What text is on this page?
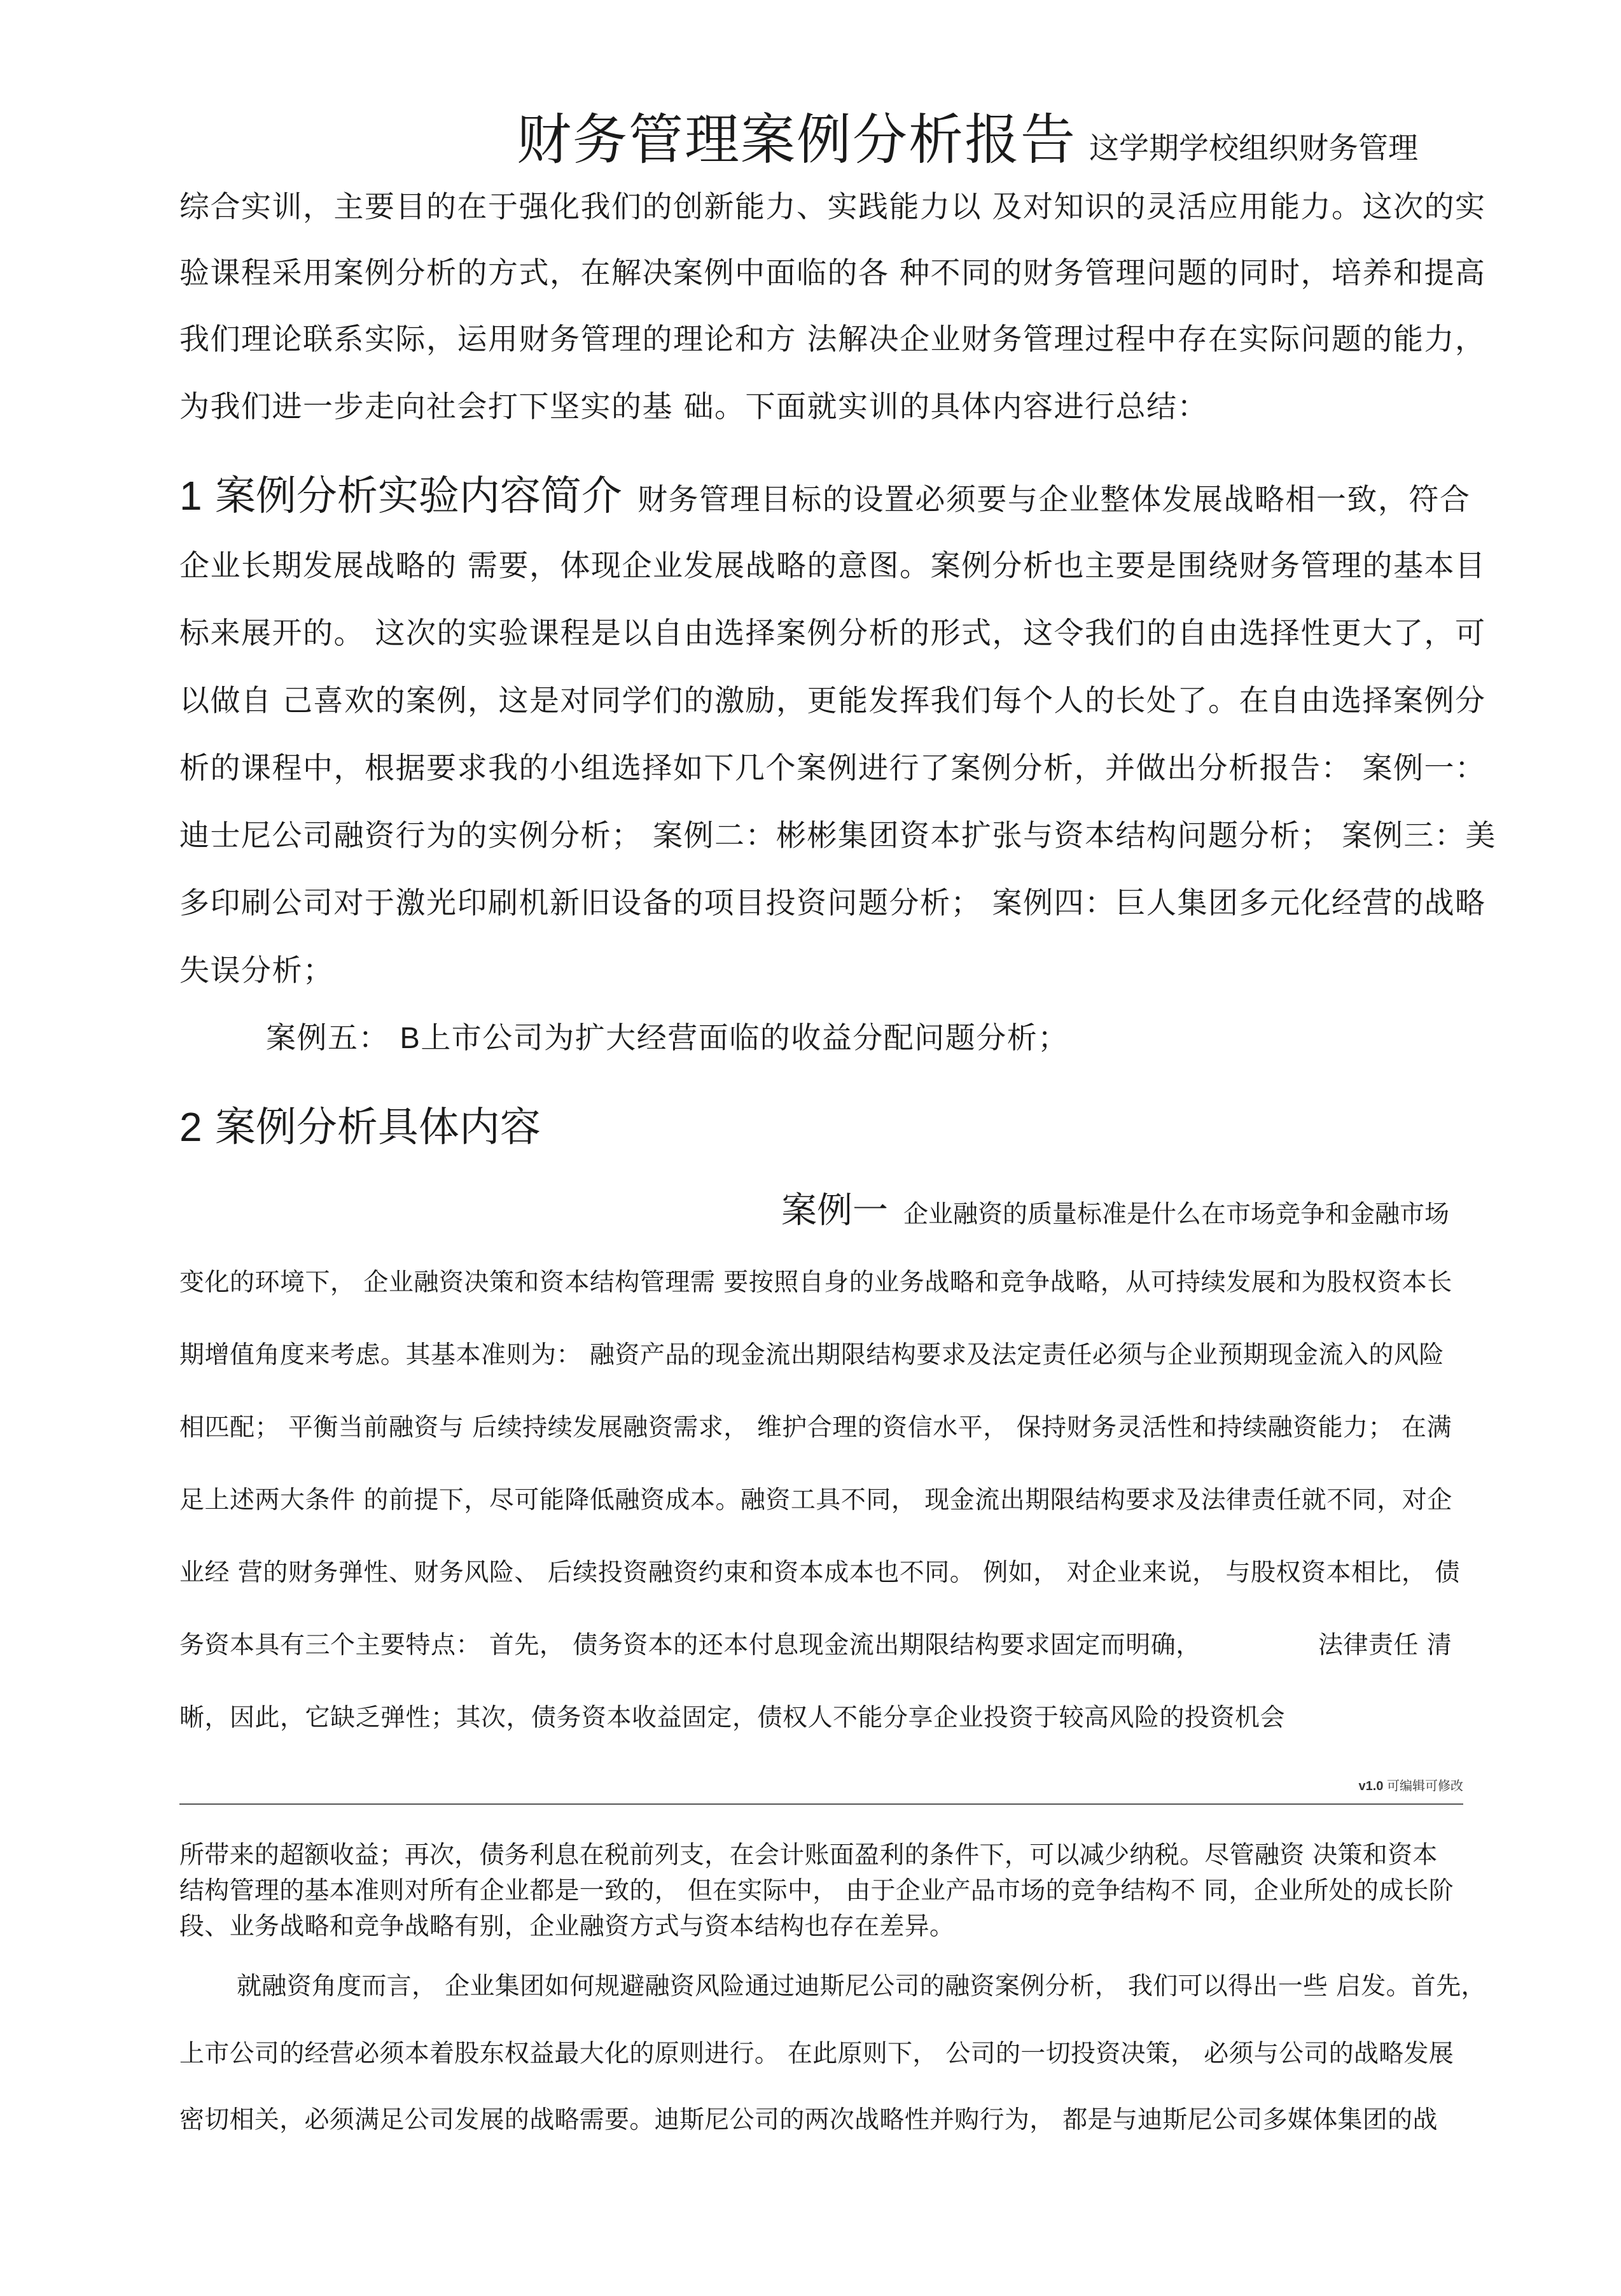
财务管理案例分析报告 这学期学校组织财务管理
综合实训，主要目的在于强化我们的创新能力、实践能力以 及对知识的灵活应用能力。这次的实
验课程采用案例分析的方式，在解决案例中面临的各 种不同的财务管理问题的同时，培养和提高
我们理论联系实际，运用财务管理的理论和方 法解决企业财务管理过程中存在实际问题的能力，
为我们进一步走向社会打下坚实的基 础。下面就实训的具体内容进行总结：
1 案例分析实验内容简介 财务管理目标的设置必须要与企业整体发展战略相一致，符合
企业长期发展战略的 需要，体现企业发展战略的意图。案例分析也主要是围绕财务管理的基本目
标来展开的。 这次的实验课程是以自由选择案例分析的形式，这令我们的自由选择性更大了，可
以做自 己喜欢的案例，这是对同学们的激励，更能发挥我们每个人的长处了。在自由选择案例分
析的课程中，根据要求我的小组选择如下几个案例进行了案例分析，并做出分析报告： 案例一：
迪士尼公司融资行为的实例分析； 案例二：彬彬集团资本扩张与资本结构问题分析； 案例三：美
多印刷公司对于激光印刷机新旧设备的项目投资问题分析； 案例四：巨人集团多元化经营的战略
失误分析；
案例五： B上市公司为扩大经营面临的收益分配问题分析；
2 案例分析具体内容
案例一 企业融资的质量标准是什么在市场竞争和金融市场
变化的环境下， 企业融资决策和资本结构管理需 要按照自身的业务战略和竞争战略，从可持续发展和为股权资本长
期增值角度来考虑。其基本准则为： 融资产品的现金流出期限结构要求及法定责任必须与企业预期现金流入的风险
相匹配； 平衡当前融资与 后续持续发展融资需求， 维护合理的资信水平， 保持财务灵活性和持续融资能力； 在满
足上述两大条件 的前提下，尽可能降低融资成本。融资工具不同， 现金流出期限结构要求及法律责任就不同，对企
业经 营的财务弹性、财务风险、 后续投资融资约束和资本成本也不同。 例如， 对企业来说， 与股权资本相比， 债
务资本具有三个主要特点： 首先， 债务资本的还本付息现金流出期限结构要求固定而明确，	法律责任 清
晰，因此，它缺乏弹性；其次，债务资本收益固定，债权人不能分享企业投资于较高风险的投资机会
v1.0 可编辑可修改
所带来的超额收益；再次，债务利息在税前列支，在会计账面盈利的条件下，可以减少纳税。尽管融资 决策和资本
结构管理的基本准则对所有企业都是一致的， 但在实际中， 由于企业产品市场的竞争结构不 同，企业所处的成长阶
段、业务战略和竞争战略有别，企业融资方式与资本结构也存在差异。
就融资角度而言， 企业集团如何规避融资风险通过迪斯尼公司的融资案例分析， 我们可以得出一些 启发。首先，
上市公司的经营必须本着股东权益最大化的原则进行。 在此原则下， 公司的一切投资决策， 必须与公司的战略发展
密切相关，必须满足公司发展的战略需要。迪斯尼公司的两次战略性并购行为， 都是与迪斯尼公司多媒体集团的战
